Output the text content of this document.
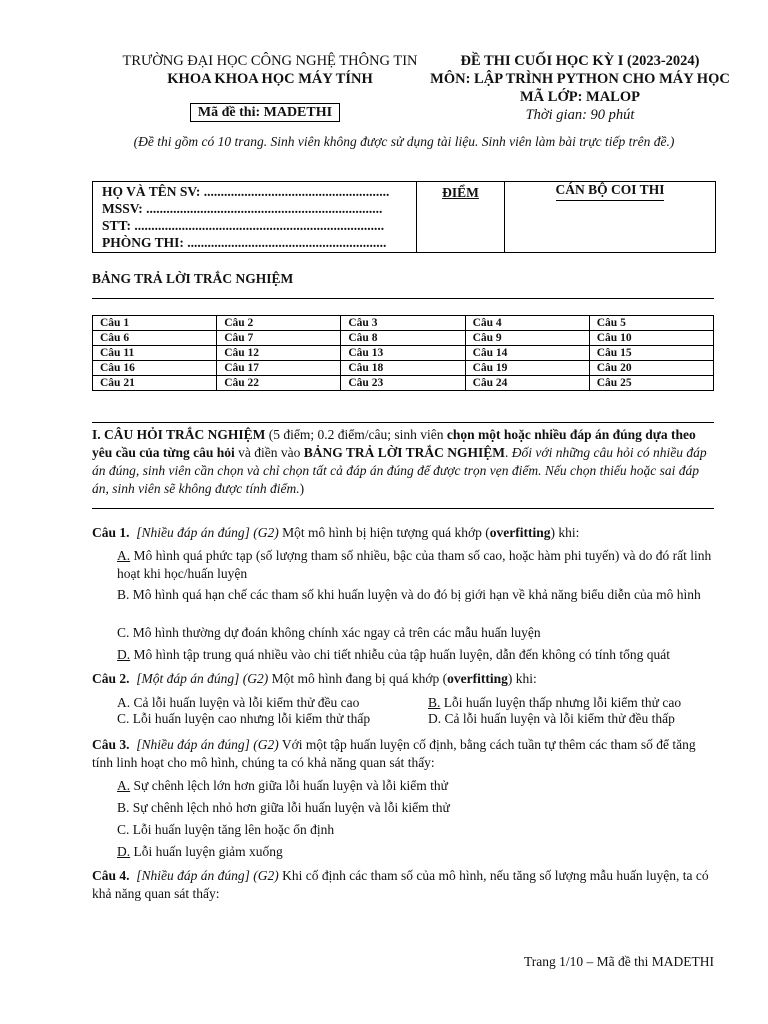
TRƯỜNG ĐẠI HỌC CÔNG NGHỆ THÔNG TIN
KHOA KHOA HỌC MÁY TÍNH
Mã đề thi: MADETHI
ĐỀ THI CUỐI HỌC KỲ I (2023-2024)
MÔN: LẬP TRÌNH PYTHON CHO MÁY HỌC
MÃ LỚP: MALOP
Thời gian: 90 phút
(Đề thi gồm có 10 trang. Sinh viên không được sử dụng tài liệu. Sinh viên làm bài trực tiếp trên đề.)
HỌ VÀ TÊN SV: .......................................................
MSSV: ......................................................................
STT: ..........................................................................
PHÒNG THI: ...........................................................
ĐIỂM	CÁN BỘ COI THI
BẢNG TRẢ LỜI TRẮC NGHIỆM
Câu 1	Câu 2	Câu 3	Câu 4	Câu 5
Câu 6	Câu 7	Câu 8	Câu 9	Câu 10
Câu 11	Câu 12	Câu 13	Câu 14	Câu 15
Câu 16	Câu 17	Câu 18	Câu 19	Câu 20
Câu 21	Câu 22	Câu 23	Câu 24	Câu 25
I. CÂU HỎI TRẮC NGHIỆM (5 điểm; 0.2 điểm/câu; sinh viên chọn một hoặc nhiều đáp án đúng dựa theo yêu cầu của từng câu hỏi và điền vào BẢNG TRẢ LỜI TRẮC NGHIỆM. Đối với những câu hỏi có nhiều đáp án đúng, sinh viên cần chọn và chỉ chọn tất cả đáp án đúng để được trọn vẹn điểm. Nếu chọn thiếu hoặc sai đáp án, sinh viên sẽ không được tính điểm.)
Câu 1. [Nhiều đáp án đúng] (G2) Một mô hình bị hiện tượng quá khớp (overfitting) khi:
A. Mô hình quá phức tạp (số lượng tham số nhiều, bậc của tham số cao, hoặc hàm phi tuyến) và do đó rất linh hoạt khi học/huấn luyện
B. Mô hình quá hạn chế các tham số khi huấn luyện và do đó bị giới hạn về khả năng biểu diễn của mô hình
C. Mô hình thường dự đoán không chính xác ngay cả trên các mẫu huấn luyện
D. Mô hình tập trung quá nhiều vào chi tiết nhiễu của tập huấn luyện, dẫn đến không có tính tổng quát
Câu 2. [Một đáp án đúng] (G2) Một mô hình đang bị quá khớp (overfitting) khi:
A. Cả lỗi huấn luyện và lỗi kiểm thử đều cao	B. Lỗi huấn luyện thấp nhưng lỗi kiểm thử cao
C. Lỗi huấn luyện cao nhưng lỗi kiểm thử thấp	D. Cả lỗi huấn luyện và lỗi kiểm thử đều thấp
Câu 3. [Nhiều đáp án đúng] (G2) Với một tập huấn luyện cố định, bằng cách tuần tự thêm các tham số để tăng tính linh hoạt cho mô hình, chúng ta có khả năng quan sát thấy:
A. Sự chênh lệch lớn hơn giữa lỗi huấn luyện và lỗi kiểm thử
B. Sự chênh lệch nhỏ hơn giữa lỗi huấn luyện và lỗi kiểm thử
C. Lỗi huấn luyện tăng lên hoặc ổn định
D. Lỗi huấn luyện giảm xuống
Câu 4. [Nhiều đáp án đúng] (G2) Khi cố định các tham số của mô hình, nếu tăng số lượng mẫu huấn luyện, ta có khả năng quan sát thấy:
Trang 1/10 – Mã đề thi MADETHI
